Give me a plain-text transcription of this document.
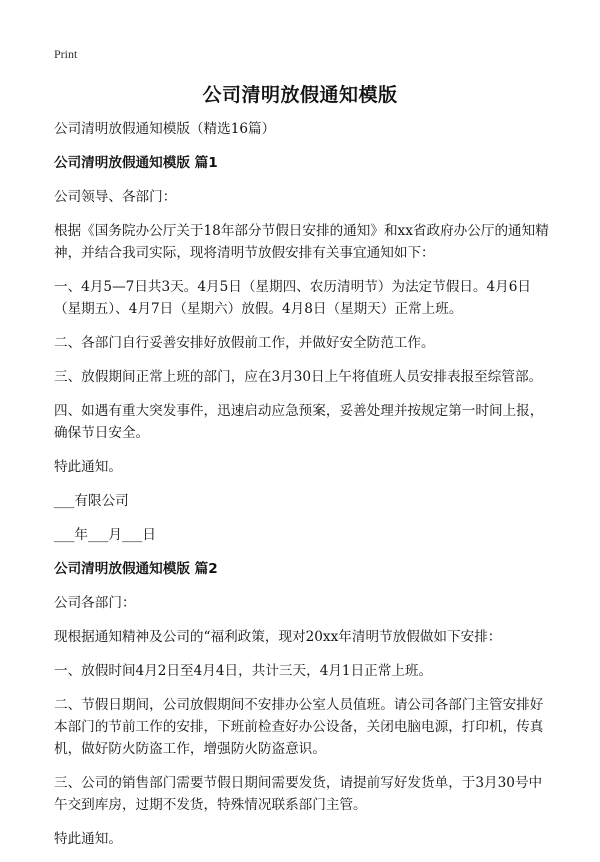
Print
公司清明放假通知模版

公司清明放假通知模版（精选16篇）

公司清明放假通知模版 篇1

公司领导、各部门：

根据《国务院办公厅关于18年部分节假日安排的通知》和xx省政府办公厅的通知精神，并结合我司实际，现将清明节放假安排有关事宜通知如下：

一、4月5—7日共3天。4月5日（星期四、农历清明节）为法定节假日。4月6日（星期五）、4月7日（星期六）放假。4月8日（星期天）正常上班。

二、各部门自行妥善安排好放假前工作，并做好安全防范工作。

三、放假期间正常上班的部门，应在3月30日上午将值班人员安排表报至综管部。

四、如遇有重大突发事件，迅速启动应急预案，妥善处理并按规定第一时间上报，确保节日安全。

特此通知。

___有限公司

___年___月___日

公司清明放假通知模版 篇2

公司各部门：

现根据通知精神及公司的“福利政策，现对20xx年清明节放假做如下安排：

一、放假时间4月2日至4月4日，共计三天，4月1日正常上班。

二、节假日期间，公司放假期间不安排办公室人员值班。请公司各部门主管安排好本部门的节前工作的安排，下班前检查好办公设备，关闭电脑电源，打印机，传真机，做好防火防盗工作，增强防火防盗意识。

三、公司的销售部门需要节假日期间需要发货，请提前写好发货单，于3月30号中午交到库房，过期不发货，特殊情况联系部门主管。

特此通知。
